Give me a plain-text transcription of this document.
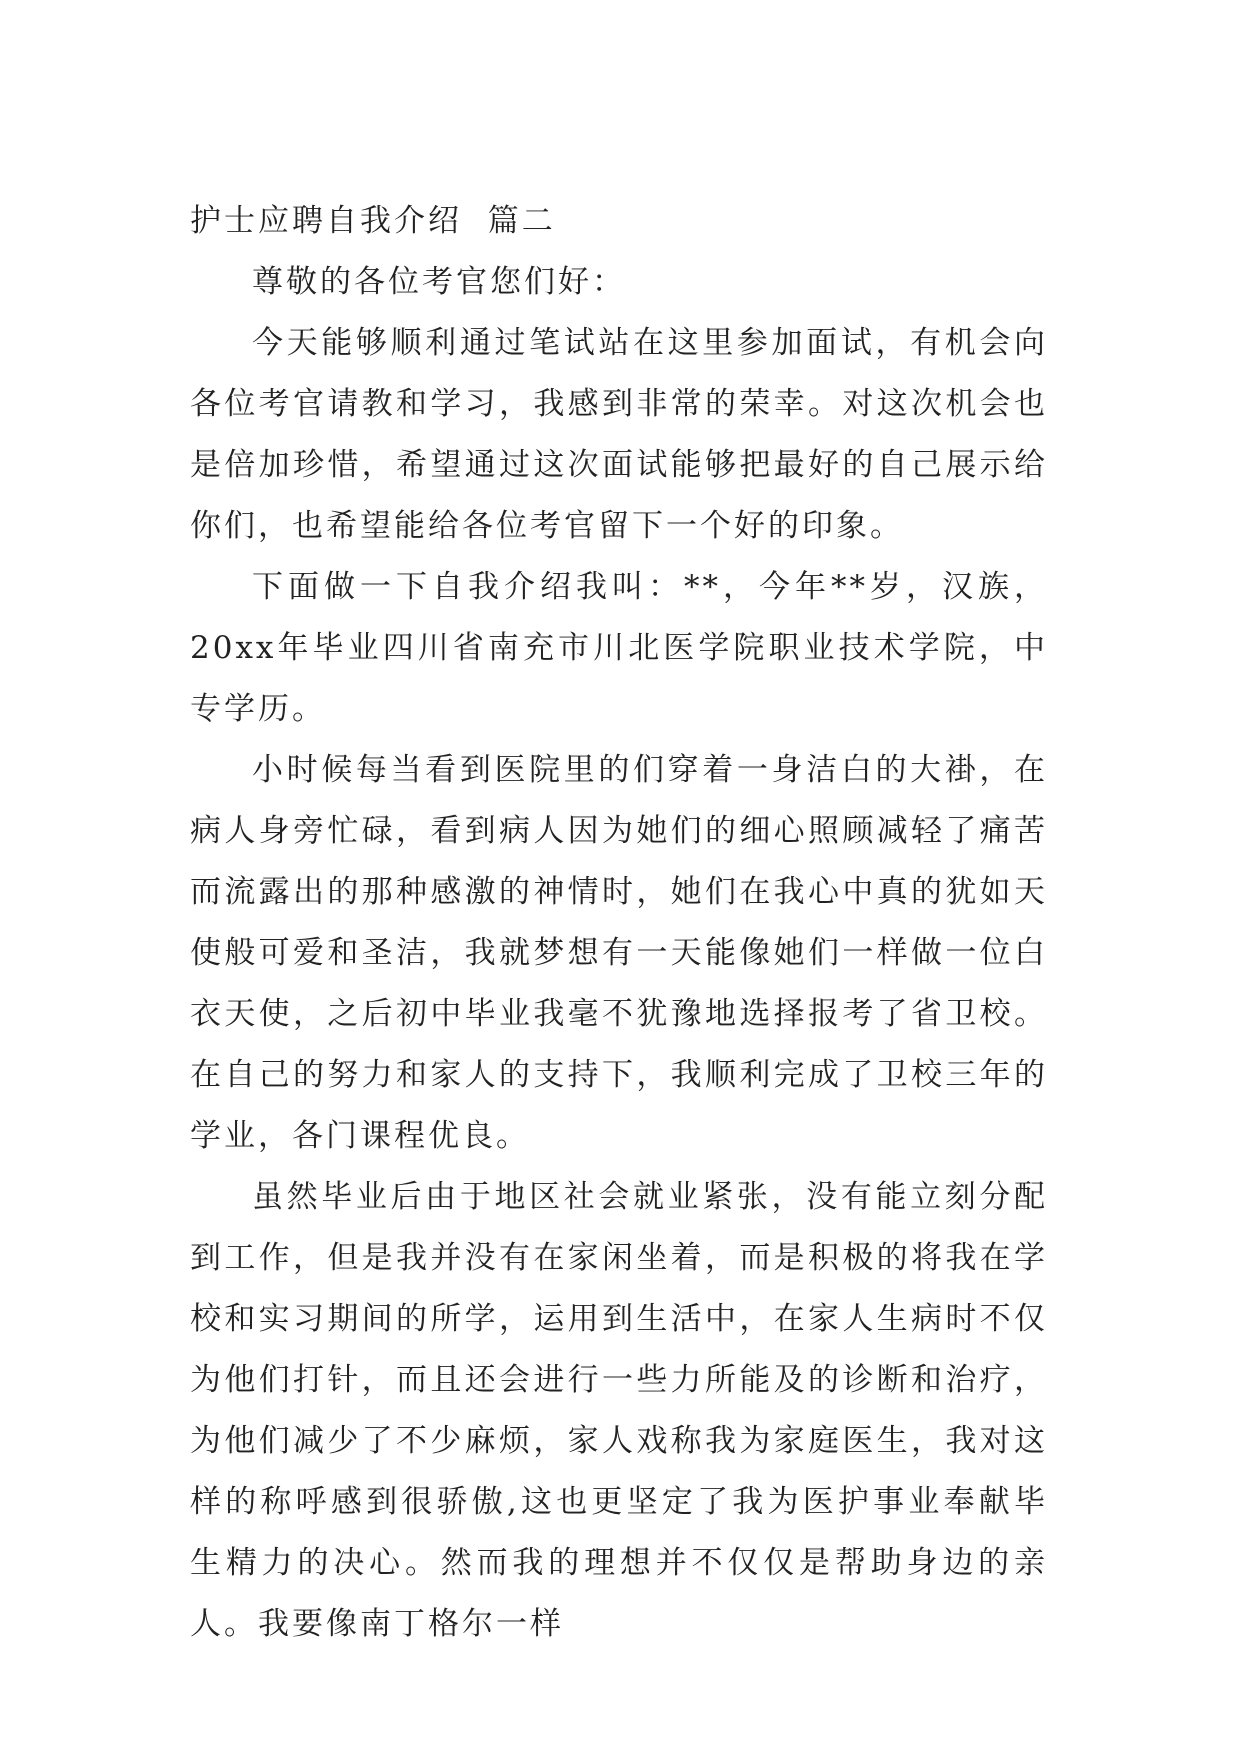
护士应聘自我介绍  篇二

尊敬的各位考官您们好：

今天能够顺利通过笔试站在这里参加面试，有机会向各位考官请教和学习，我感到非常的荣幸。对这次机会也是倍加珍惜，希望通过这次面试能够把最好的自己展示给你们，也希望能给各位考官留下一个好的印象。

下面做一下自我介绍我叫：**，今年**岁，汉族，20xx年毕业四川省南充市川北医学院职业技术学院，中专学历。

小时候每当看到医院里的们穿着一身洁白的大褂，在病人身旁忙碌，看到病人因为她们的细心照顾减轻了痛苦而流露出的那种感激的神情时，她们在我心中真的犹如天使般可爱和圣洁，我就梦想有一天能像她们一样做一位白衣天使，之后初中毕业我毫不犹豫地选择报考了省卫校。在自己的努力和家人的支持下，我顺利完成了卫校三年的学业，各门课程优良。

虽然毕业后由于地区社会就业紧张，没有能立刻分配到工作，但是我并没有在家闲坐着，而是积极的将我在学校和实习期间的所学，运用到生活中，在家人生病时不仅为他们打针，而且还会进行一些力所能及的诊断和治疗，为他们减少了不少麻烦，家人戏称我为家庭医生，我对这样的称呼感到很骄傲,这也更坚定了我为医护事业奉献毕生精力的决心。然而我的理想并不仅仅是帮助身边的亲人。我要像南丁格尔一样
